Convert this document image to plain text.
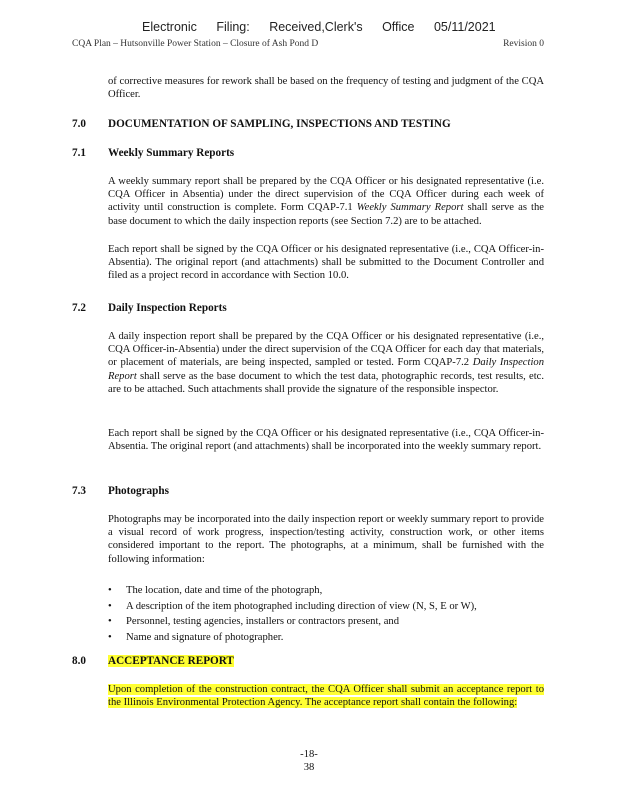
Electronic Filing: Received,Clerk's Office 05/11/2021
CQA Plan – Hutsonville Power Station – Closure of Ash Pond D	Revision 0

of corrective measures for rework shall be based on the frequency of testing and judgment of the CQA Officer.

7.0 DOCUMENTATION OF SAMPLING, INSPECTIONS AND TESTING
7.1 Weekly Summary Reports

A weekly summary report shall be prepared by the CQA Officer or his designated representative (i.e. CQA Officer in Absentia) under the direct supervision of the CQA Officer during each week of activity until construction is complete. Form CQAP-7.1 Weekly Summary Report shall serve as the base document to which the daily inspection reports (see Section 7.2) are to be attached.

Each report shall be signed by the CQA Officer or his designated representative (i.e., CQA Officer-in-Absentia). The original report (and attachments) shall be submitted to the Document Controller and filed as a project record in accordance with Section 10.0.

7.2 Daily Inspection Reports

A daily inspection report shall be prepared by the CQA Officer or his designated representative (i.e., CQA Officer-in-Absentia) under the direct supervision of the CQA Officer for each day that materials, or placement of materials, are being inspected, sampled or tested. Form CQAP-7.2 Daily Inspection Report shall serve as the base document to which the test data, photographic records, test results, etc. are to be attached. Such attachments shall provide the signature of the responsible inspector.

Each report shall be signed by the CQA Officer or his designated representative (i.e., CQA Officer-in-Absentia. The original report (and attachments) shall be incorporated into the weekly summary report.

7.3 Photographs

Photographs may be incorporated into the daily inspection report or weekly summary report to provide a visual record of work progress, inspection/testing activity, construction work, or other items considered important to the report. The photographs, at a minimum, shall be furnished with the following information:

• The location, date and time of the photograph,
• A description of the item photographed including direction of view (N, S, E or W),
• Personnel, testing agencies, installers or contractors present, and
• Name and signature of photographer.
8.0 ACCEPTANCE REPORT

Upon completion of the construction contract, the CQA Officer shall submit an acceptance report to the Illinois Environmental Protection Agency. The acceptance report shall contain the following:

-18-
38
